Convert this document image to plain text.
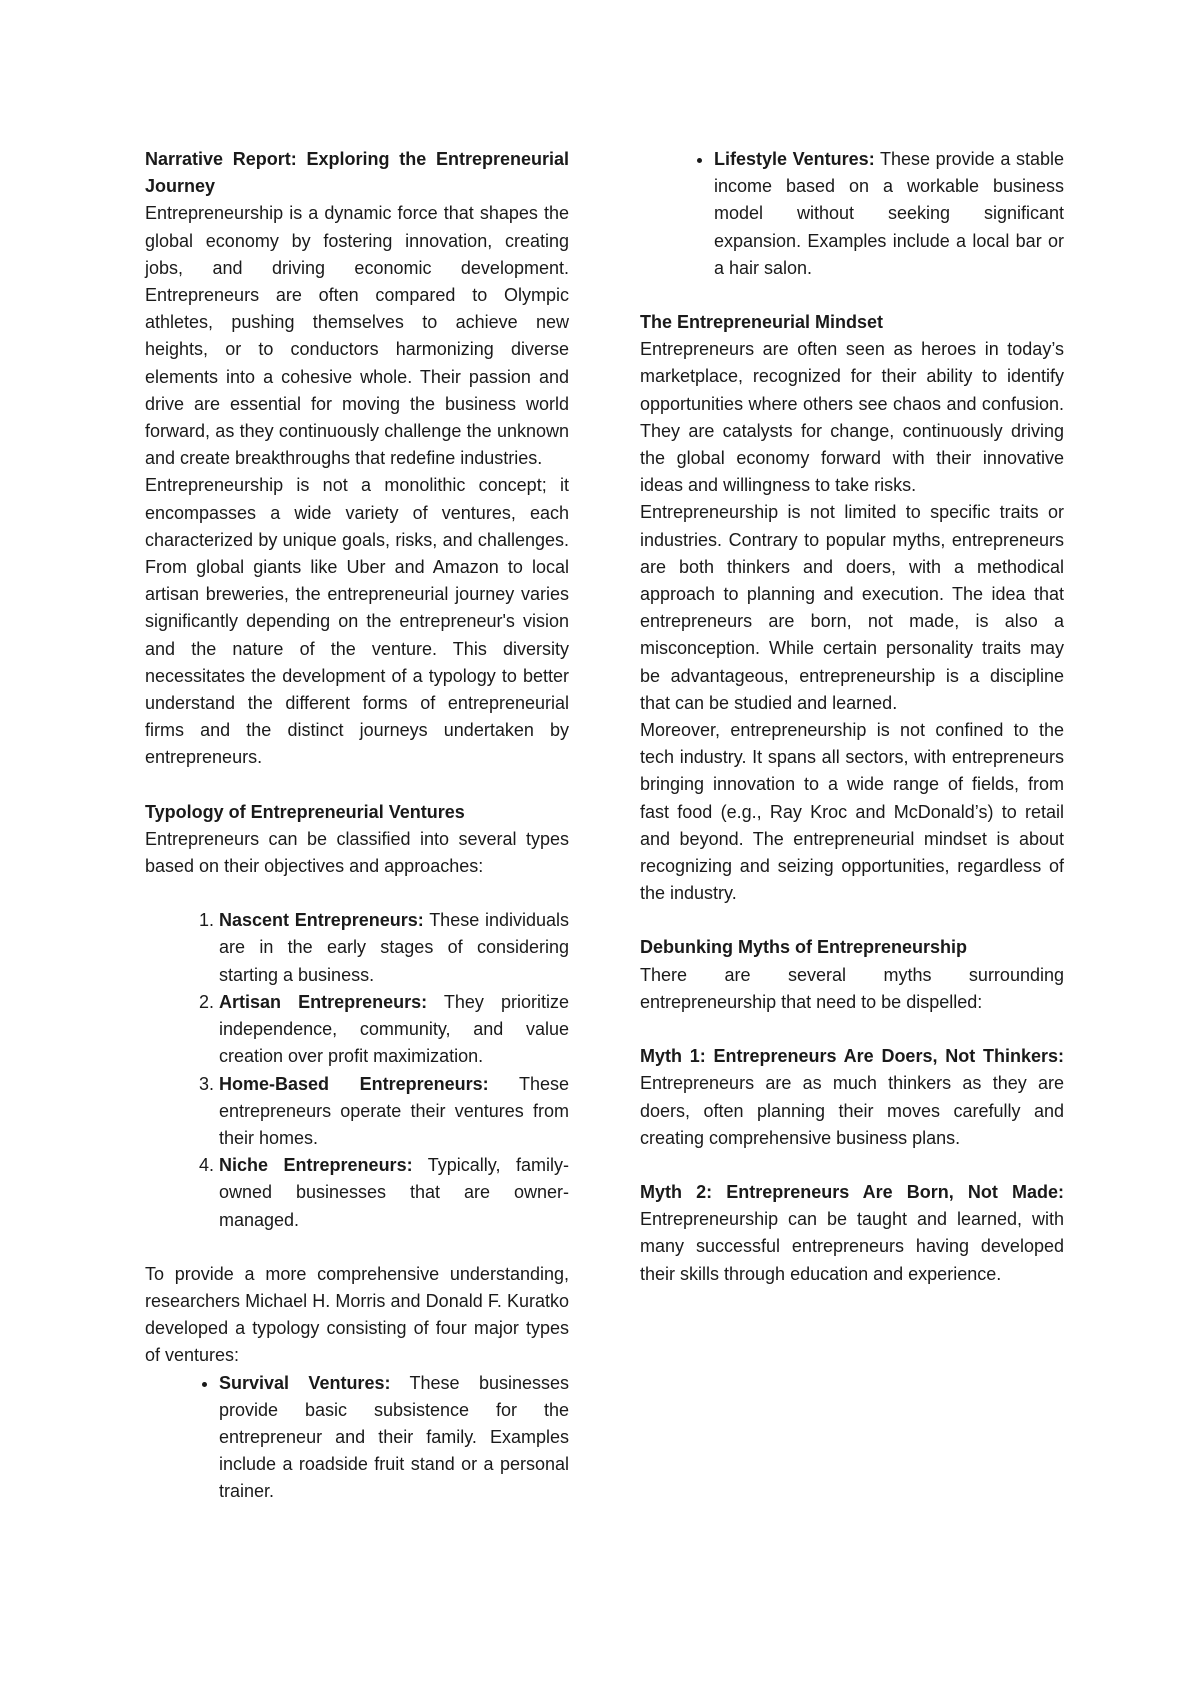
Narrative Report: Exploring the Entrepreneurial Journey

Entrepreneurship is a dynamic force that shapes the global economy by fostering innovation, creating jobs, and driving economic development. Entrepreneurs are often compared to Olympic athletes, pushing themselves to achieve new heights, or to conductors harmonizing diverse elements into a cohesive whole. Their passion and drive are essential for moving the business world forward, as they continuously challenge the unknown and create breakthroughs that redefine industries.

Entrepreneurship is not a monolithic concept; it encompasses a wide variety of ventures, each characterized by unique goals, risks, and challenges. From global giants like Uber and Amazon to local artisan breweries, the entrepreneurial journey varies significantly depending on the entrepreneur's vision and the nature of the venture. This diversity necessitates the development of a typology to better understand the different forms of entrepreneurial firms and the distinct journeys undertaken by entrepreneurs.

Typology of Entrepreneurial Ventures

Entrepreneurs can be classified into several types based on their objectives and approaches:

1. Nascent Entrepreneurs: These individuals are in the early stages of considering starting a business.
2. Artisan Entrepreneurs: They prioritize independence, community, and value creation over profit maximization.
3. Home-Based Entrepreneurs: These entrepreneurs operate their ventures from their homes.
4. Niche Entrepreneurs: Typically, family-owned businesses that are owner-managed.

To provide a more comprehensive understanding, researchers Michael H. Morris and Donald F. Kuratko developed a typology consisting of four major types of ventures:

• Survival Ventures: These businesses provide basic subsistence for the entrepreneur and their family. Examples include a roadside fruit stand or a personal trainer.
• Lifestyle Ventures: These provide a stable income based on a workable business model without seeking significant expansion. Examples include a local bar or a hair salon.

The Entrepreneurial Mindset

Entrepreneurs are often seen as heroes in today’s marketplace, recognized for their ability to identify opportunities where others see chaos and confusion. They are catalysts for change, continuously driving the global economy forward with their innovative ideas and willingness to take risks.

Entrepreneurship is not limited to specific traits or industries. Contrary to popular myths, entrepreneurs are both thinkers and doers, with a methodical approach to planning and execution. The idea that entrepreneurs are born, not made, is also a misconception. While certain personality traits may be advantageous, entrepreneurship is a discipline that can be studied and learned.

Moreover, entrepreneurship is not confined to the tech industry. It spans all sectors, with entrepreneurs bringing innovation to a wide range of fields, from fast food (e.g., Ray Kroc and McDonald’s) to retail and beyond. The entrepreneurial mindset is about recognizing and seizing opportunities, regardless of the industry.

Debunking Myths of Entrepreneurship

There are several myths surrounding entrepreneurship that need to be dispelled:

Myth 1: Entrepreneurs Are Doers, Not Thinkers: Entrepreneurs are as much thinkers as they are doers, often planning their moves carefully and creating comprehensive business plans.

Myth 2: Entrepreneurs Are Born, Not Made: Entrepreneurship can be taught and learned, with many successful entrepreneurs having developed their skills through education and experience.
